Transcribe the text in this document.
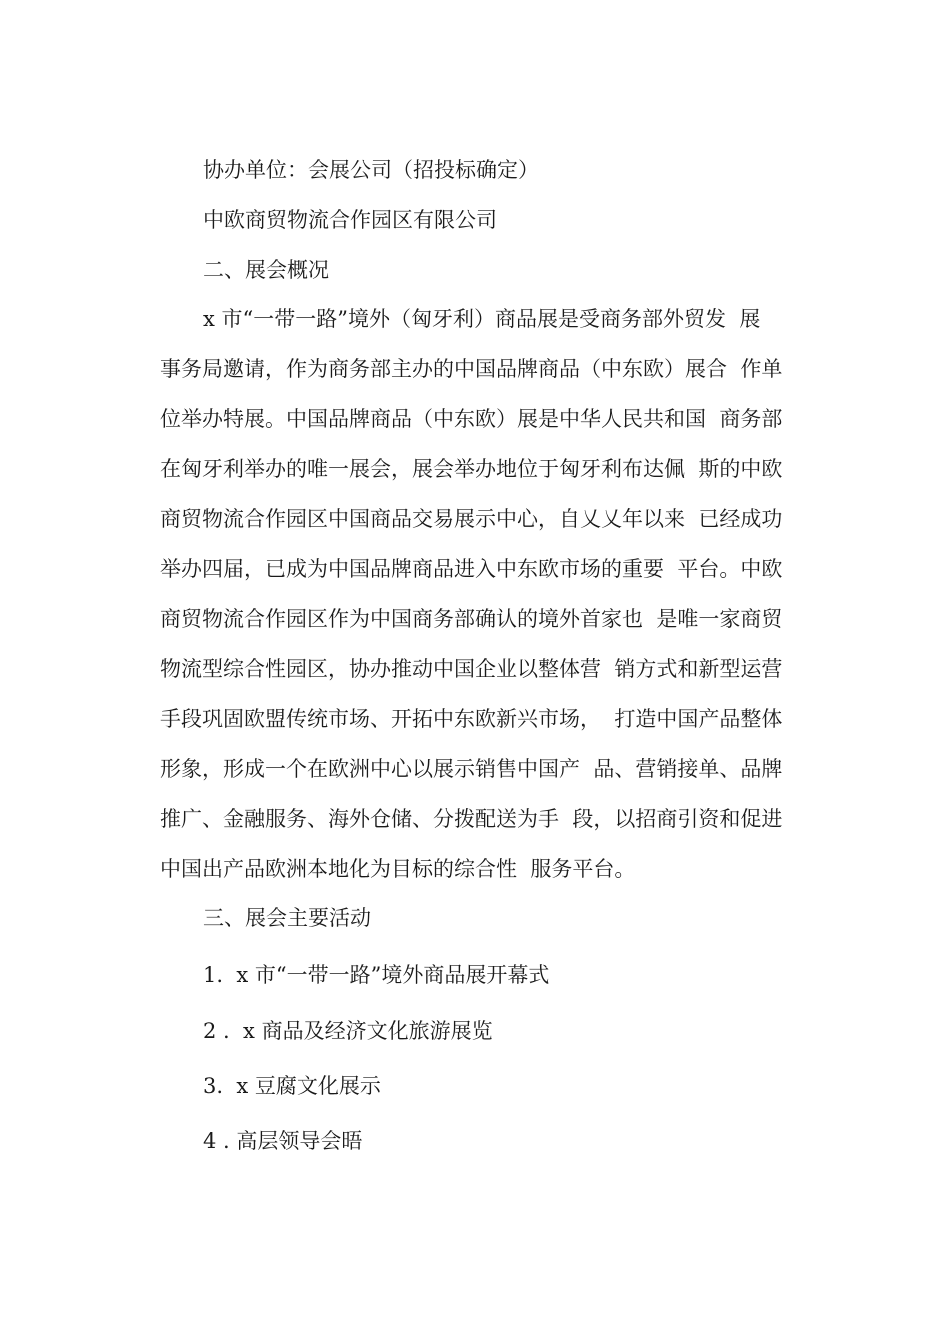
协办单位：会展公司（招投标确定）
中欧商贸物流合作园区有限公司
二、展会概况
x 市“一带一路”境外（匈牙利）商品展是受商务部外贸发  展
事务局邀请，作为商务部主办的中国品牌商品（中东欧）展合  作单
位举办特展。中国品牌商品（中东欧）展是中华人民共和国  商务部
在匈牙利举办的唯一展会，展会举办地位于匈牙利布达佩  斯的中欧
商贸物流合作园区中国商品交易展示中心，自乂乂年以来  已经成功
举办四届，已成为中国品牌商品进入中东欧市场的重要  平台。中欧
商贸物流合作园区作为中国商务部确认的境外首家也  是唯一家商贸
物流型综合性园区，协办推动中国企业以整体营  销方式和新型运营
手段巩固欧盟传统市场、开拓中东欧新兴市场，  打造中国产品整体
形象，形成一个在欧洲中心以展示销售中国产  品、营销接单、品牌
推广、金融服务、海外仓储、分拨配送为手  段，以招商引资和促进
中国出产品欧洲本地化为目标的综合性  服务平台。
三、展会主要活动
1.  x 市“一带一路”境外商品展开幕式
2 .  x 商品及经济文化旅游展览
3.  x 豆腐文化展示
4 . 高层领导会晤
